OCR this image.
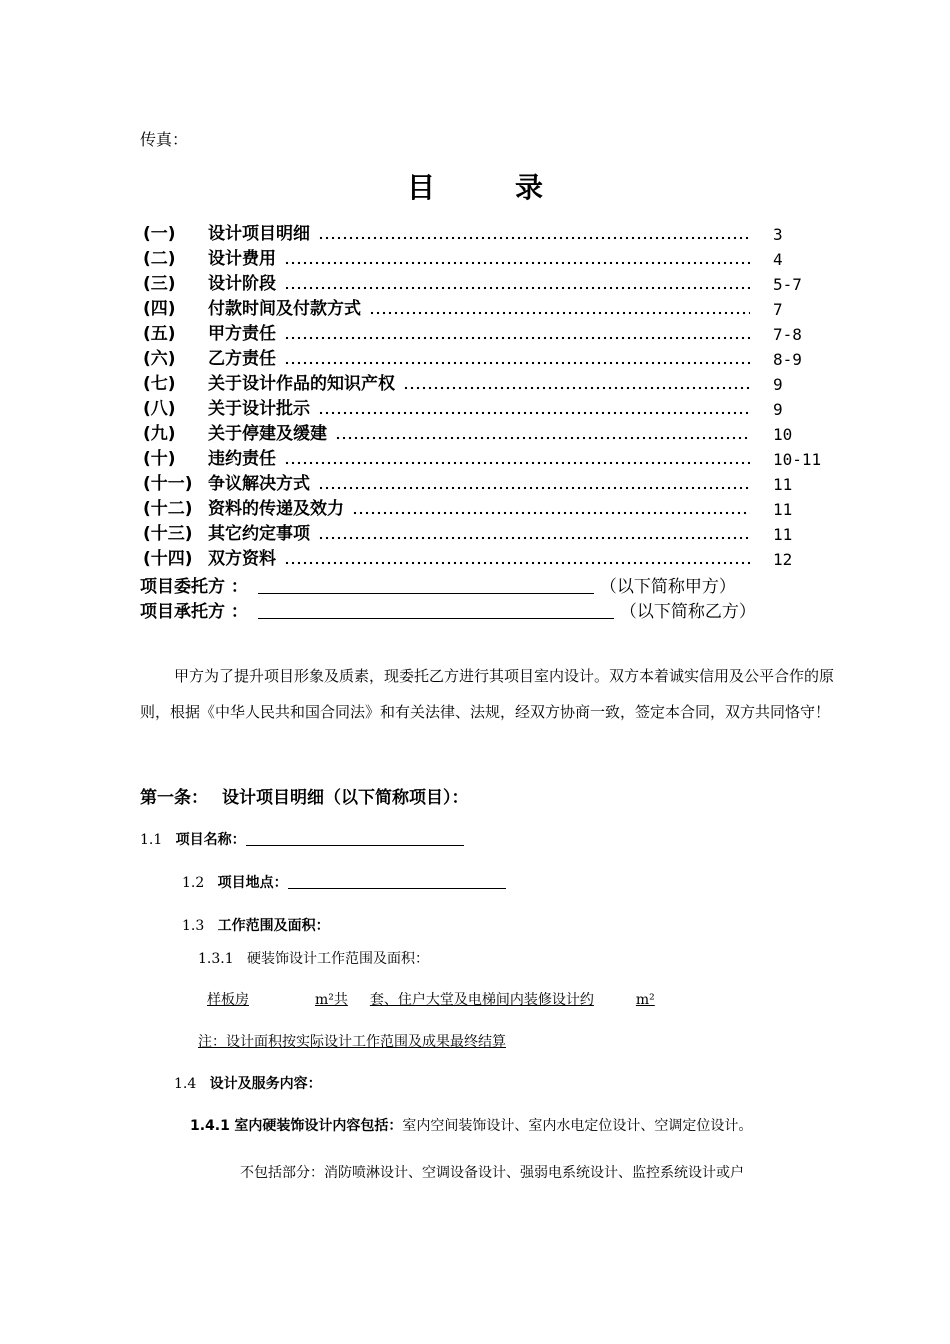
传真：
目录
(一) 设计项目明细	3
(二) 设计费用	4
(三) 设计阶段	5-7
(四) 付款时间及付款方式	7
(五) 甲方责任	7-8
(六) 乙方责任	8-9
(七) 关于设计作品的知识产权	9
(八) 关于设计批示	9
(九) 关于停建及缓建	10
(十) 违约责任	10-11
(十一) 争议解决方式	11
(十二) 资料的传递及效力	11
(十三) 其它约定事项	11
(十四) 双方资料	12
项目委托方 ：	（以下简称甲方）
项目承托方 ：	（以下简称乙方）
甲方为了提升项目形象及质素，现委托乙方进行其项目室内设计。双方本着诚实信用及公平合作的原则，根据《中华人民共和国合同法》和有关法律、法规，经双方协商一致，签定本合同，双方共同恪守！
第一条： 设计项目明细（以下简称项目）：
1.1 项目名称：
1.2 项目地点：
1.3 工作范围及面积：
1.3.1 硬装饰设计工作范围及面积：
样板房	m²共 套、住户大堂及电梯间内装修设计约	m²
注：设计面积按实际设计工作范围及成果最终结算
1.4 设计及服务内容：
1.4.1 室内硬装饰设计内容包括：室内空间装饰设计、室内水电定位设计、空调定位设计。
不包括部分：消防喷淋设计、空调设备设计、强弱电系统设计、监控系统设计或户
